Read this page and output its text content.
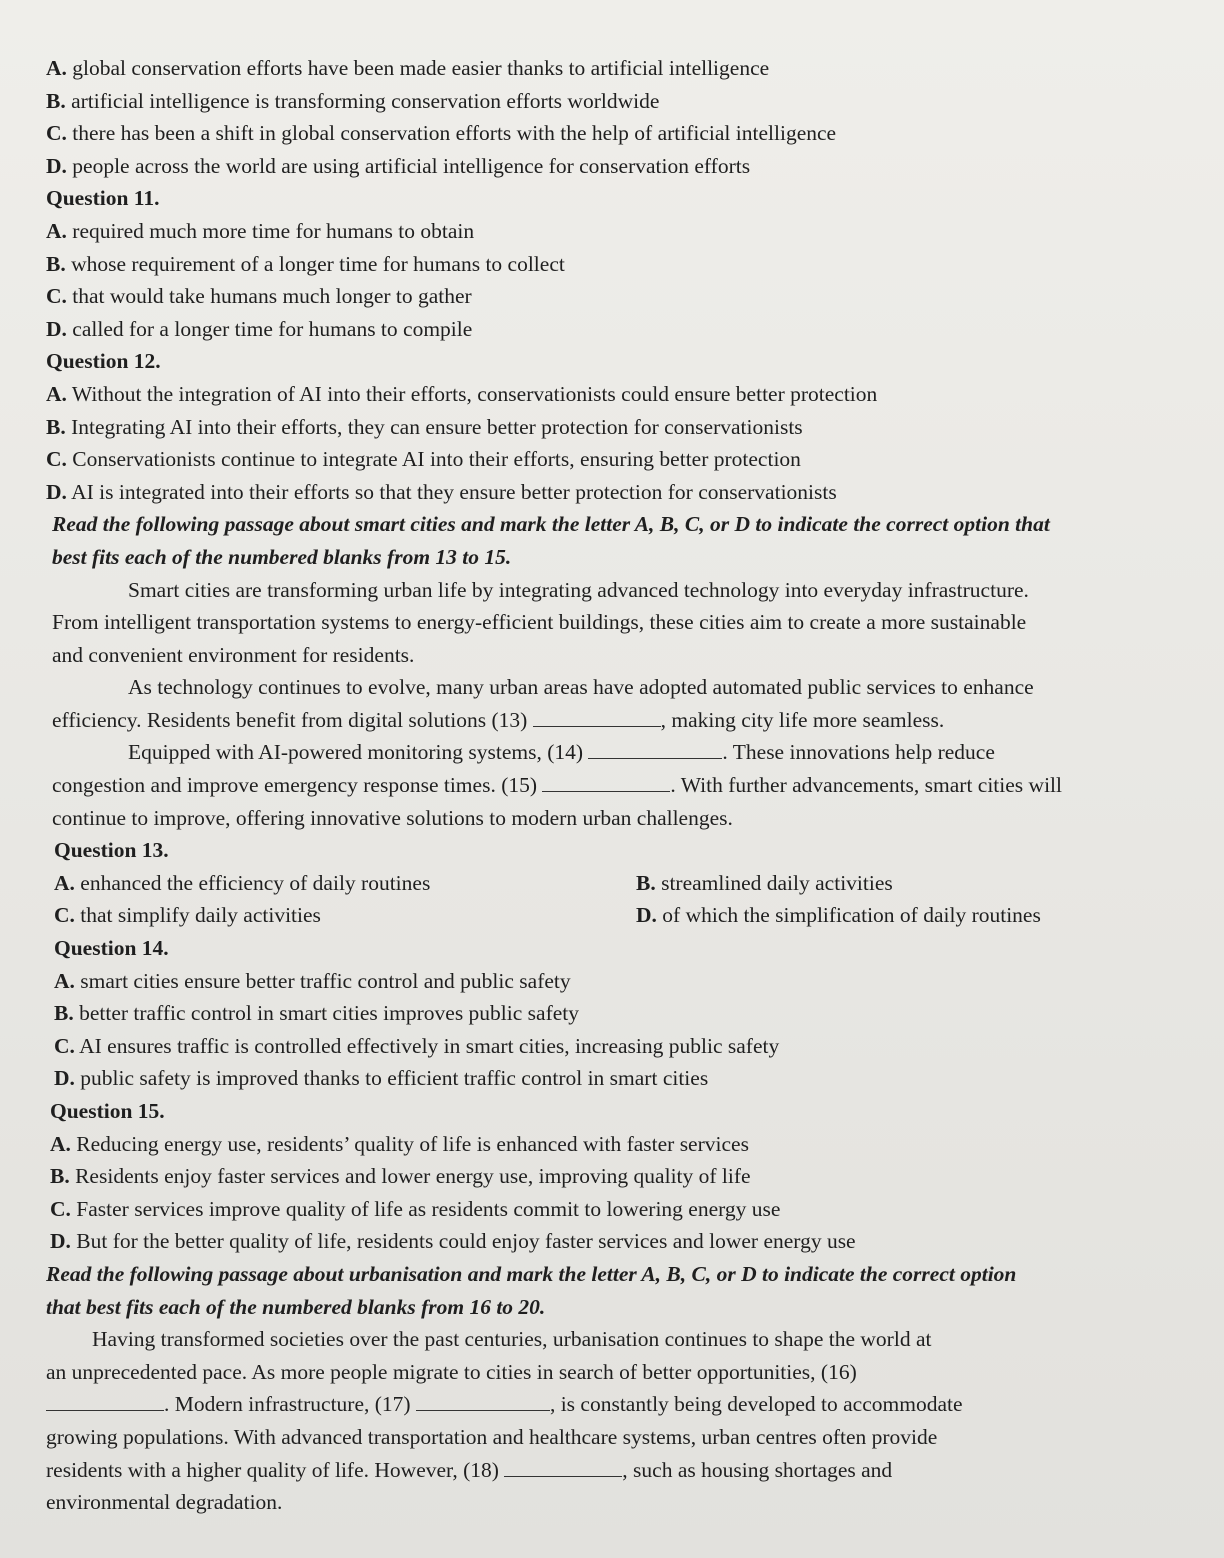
A. global conservation efforts have been made easier thanks to artificial intelligence
B. artificial intelligence is transforming conservation efforts worldwide
C. there has been a shift in global conservation efforts with the help of artificial intelligence
D. people across the world are using artificial intelligence for conservation efforts
Question 11.
A. required much more time for humans to obtain
B. whose requirement of a longer time for humans to collect
C. that would take humans much longer to gather
D. called for a longer time for humans to compile
Question 12.
A. Without the integration of AI into their efforts, conservationists could ensure better protection
B. Integrating AI into their efforts, they can ensure better protection for conservationists
C. Conservationists continue to integrate AI into their efforts, ensuring better protection
D. AI is integrated into their efforts so that they ensure better protection for conservationists
Read the following passage about smart cities and mark the letter A, B, C, or D to indicate the correct option that
best fits each of the numbered blanks from 13 to 15.
Smart cities are transforming urban life by integrating advanced technology into everyday infrastructure.
From intelligent transportation systems to energy-efficient buildings, these cities aim to create a more sustainable
and convenient environment for residents.
As technology continues to evolve, many urban areas have adopted automated public services to enhance
efficiency. Residents benefit from digital solutions (13)	, making city life more seamless.
Equipped with AI-powered monitoring systems, (14)	. These innovations help reduce
congestion and improve emergency response times. (15)	. With further advancements, smart cities will
continue to improve, offering innovative solutions to modern urban challenges.
Question 13.
A. enhanced the efficiency of daily routines	B. streamlined daily activities
C. that simplify daily activities	D. of which the simplification of daily routines
Question 14.
A. smart cities ensure better traffic control and public safety
B. better traffic control in smart cities improves public safety
C. AI ensures traffic is controlled effectively in smart cities, increasing public safety
D. public safety is improved thanks to efficient traffic control in smart cities
Question 15.
A. Reducing energy use, residents’ quality of life is enhanced with faster services
B. Residents enjoy faster services and lower energy use, improving quality of life
C. Faster services improve quality of life as residents commit to lowering energy use
D. But for the better quality of life, residents could enjoy faster services and lower energy use
Read the following passage about urbanisation and mark the letter A, B, C, or D to indicate the correct option
that best fits each of the numbered blanks from 16 to 20.
Having transformed societies over the past centuries, urbanisation continues to shape the world at
an unprecedented pace. As more people migrate to cities in search of better opportunities, (16)
. Modern infrastructure, (17)	, is constantly being developed to accommodate
growing populations. With advanced transportation and healthcare systems, urban centres often provide
residents with a higher quality of life. However, (18)	, such as housing shortages and
environmental degradation.
